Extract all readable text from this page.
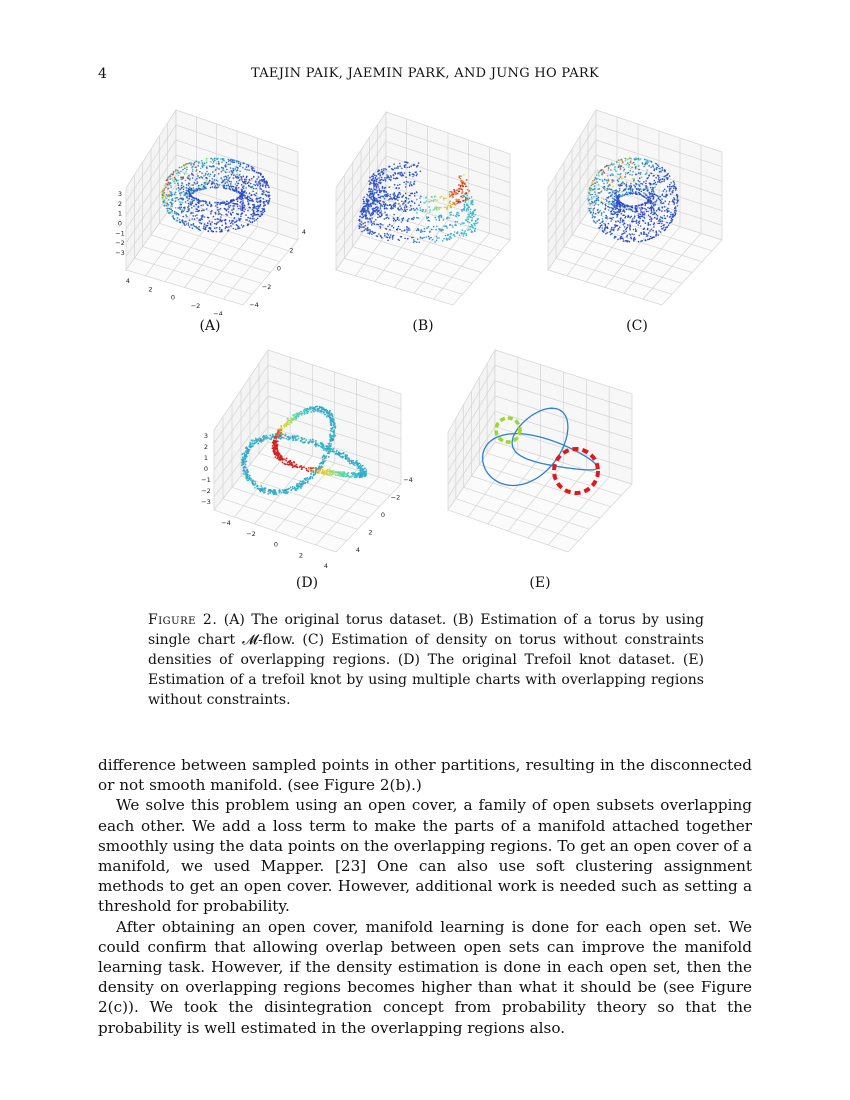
4	TAEJIN PAIK, JAEMIN PARK, AND JUNG HO PARK
3
2
1
0
−1
−2
−3
4
2
0
−2
−4
−4
−2
0
2
4
(A)	(B)	(C)
3
2
1
0
−1
−2
−3
−4
−2
0
2
4
−4
−2
0
2
4
(D)	(E)
Figure 2. (A) The original torus dataset. (B) Estimation of a torus by using single chart 𝓜-flow. (C) Estimation of density on torus without constraints densities of overlapping regions. (D) The original Trefoil knot dataset. (E) Estimation of a trefoil knot by using multiple charts with overlapping regions without constraints.

difference between sampled points in other partitions, resulting in the disconnected or not smooth manifold. (see Figure 2(b).)

We solve this problem using an open cover, a family of open subsets overlapping each other. We add a loss term to make the parts of a manifold attached together smoothly using the data points on the overlapping regions. To get an open cover of a manifold, we used Mapper. [23] One can also use soft clustering assignment methods to get an open cover. However, additional work is needed such as setting a threshold for probability.

After obtaining an open cover, manifold learning is done for each open set. We could confirm that allowing overlap between open sets can improve the manifold learning task. However, if the density estimation is done in each open set, then the density on overlapping regions becomes higher than what it should be (see Figure 2(c)). We took the disintegration concept from probability theory so that the probability is well estimated in the overlapping regions also.
